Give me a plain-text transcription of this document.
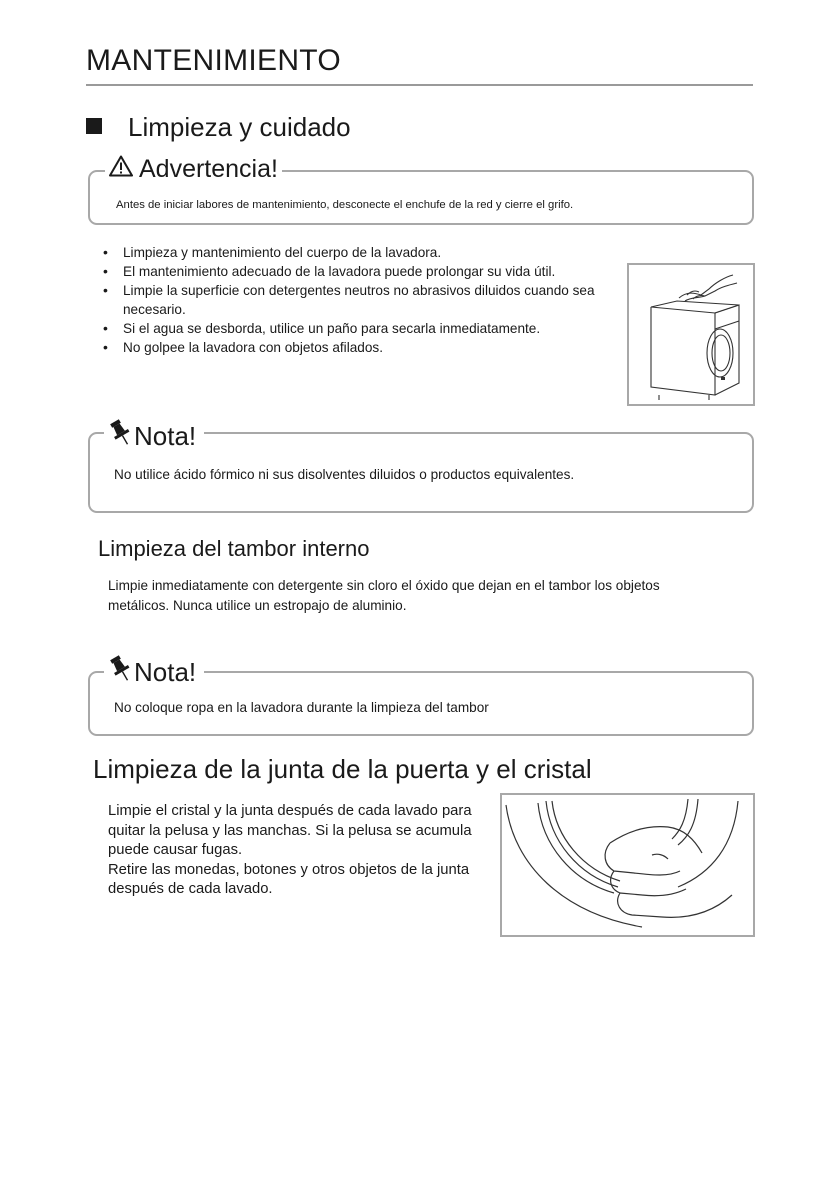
MANTENIMIENTO
Limpieza y cuidado
Advertencia!
Antes de iniciar labores de mantenimiento, desconecte el enchufe de la red y cierre el grifo.
• Limpieza y mantenimiento del cuerpo de la lavadora.
• El mantenimiento adecuado de la lavadora puede prolongar su vida útil.
• Limpie la superficie con detergentes neutros no abrasivos diluidos cuando sea necesario.
• Si el agua se desborda, utilice un paño para secarla inmediatamente.
• No golpee la lavadora con objetos afilados.
Nota!
No utilice ácido fórmico ni sus disolventes diluidos o productos equivalentes.
Limpieza del tambor interno
Limpie inmediatamente con detergente sin cloro el óxido que dejan en el tambor los objetos metálicos. Nunca utilice un estropajo de aluminio.
Nota!
No coloque ropa en la lavadora durante la limpieza del tambor
Limpieza de la junta de la puerta y el cristal
Limpie el cristal y la junta después de cada lavado para quitar la pelusa y las manchas. Si la pelusa se acumula puede causar fugas.
Retire las monedas, botones y otros objetos de la junta después de cada lavado.
